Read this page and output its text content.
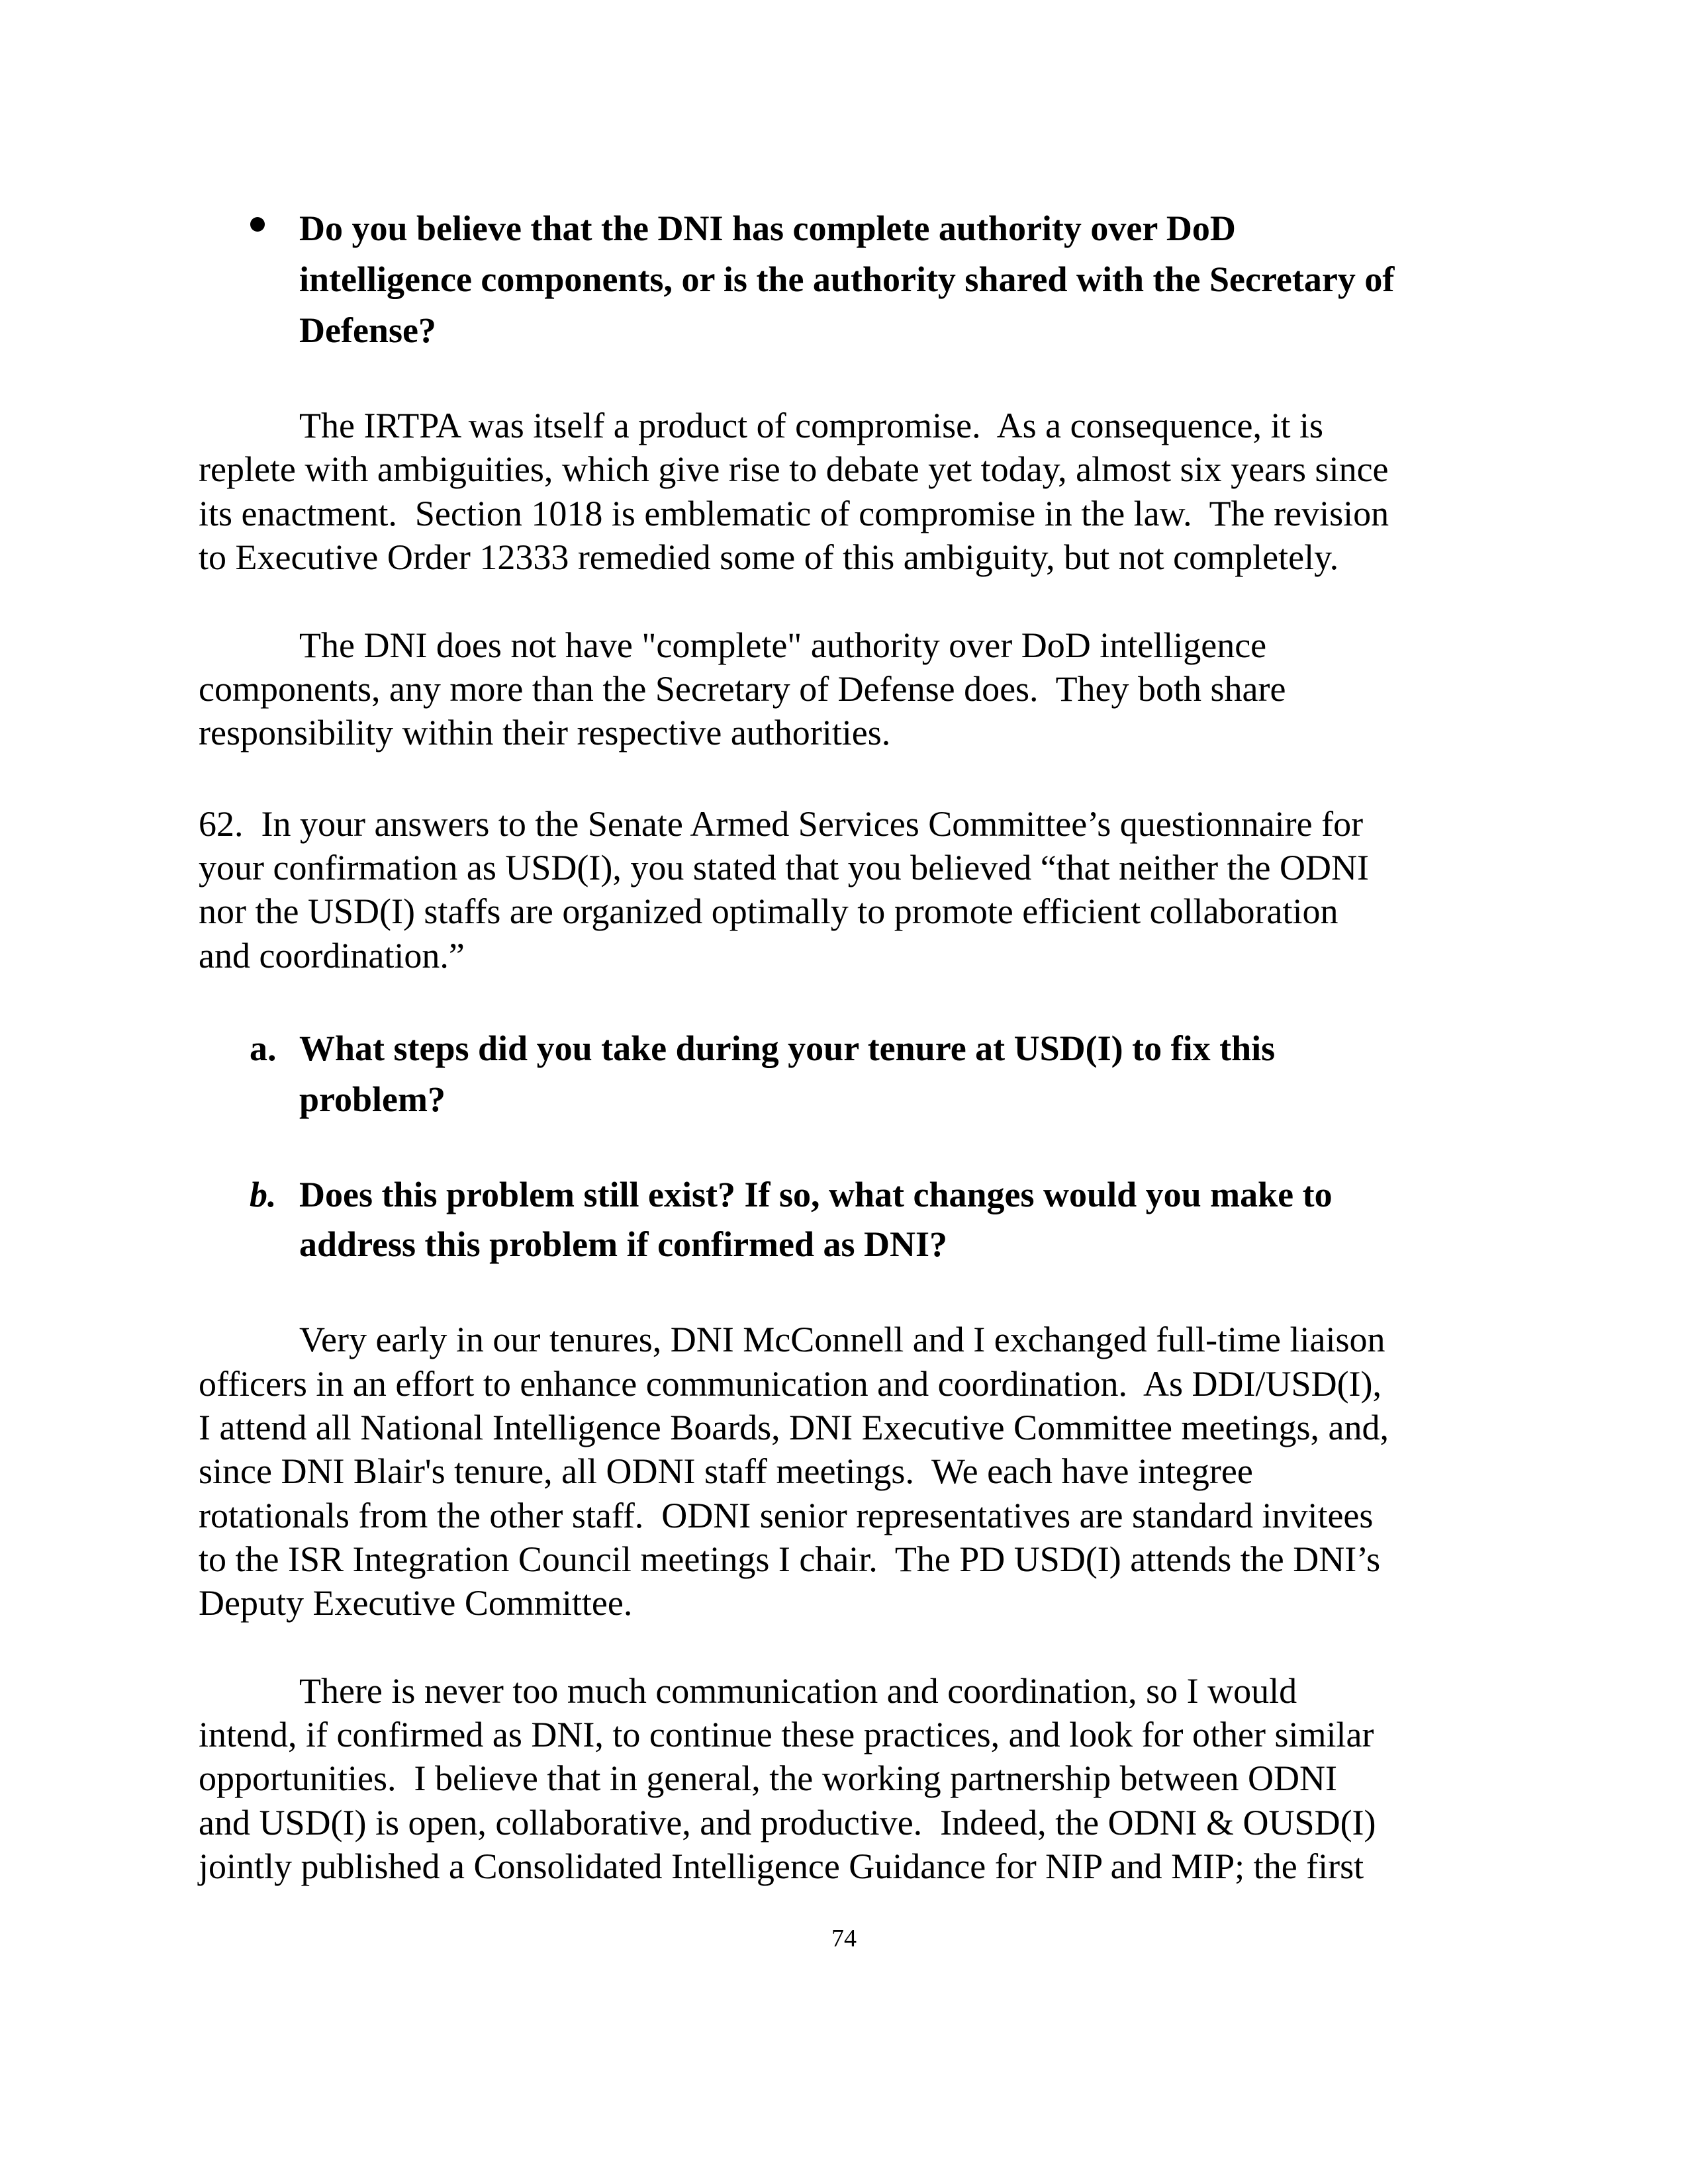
Do you believe that the DNI has complete authority over DoD

intelligence components, or is the authority shared with the Secretary of

Defense?

The IRTPA was itself a product of compromise.  As a consequence, it is

replete with ambiguities, which give rise to debate yet today, almost six years since

its enactment.  Section 1018 is emblematic of compromise in the law.  The revision

to Executive Order 12333 remedied some of this ambiguity, but not completely.

The DNI does not have "complete" authority over DoD intelligence

components, any more than the Secretary of Defense does.  They both share

responsibility within their respective authorities.

62.  In your answers to the Senate Armed Services Committee’s questionnaire for

your confirmation as USD(I), you stated that you believed “that neither the ODNI

nor the USD(I) staffs are organized optimally to promote efficient collaboration

and coordination.”

a. What steps did you take during your tenure at USD(I) to fix this

problem?

b. Does this problem still exist? If so, what changes would you make to

address this problem if confirmed as DNI?

Very early in our tenures, DNI McConnell and I exchanged full-time liaison

officers in an effort to enhance communication and coordination.  As DDI/USD(I),

I attend all National Intelligence Boards, DNI Executive Committee meetings, and,

since DNI Blair's tenure, all ODNI staff meetings.  We each have integree

rotationals from the other staff.  ODNI senior representatives are standard invitees

to the ISR Integration Council meetings I chair.  The PD USD(I) attends the DNI’s

Deputy Executive Committee.

There is never too much communication and coordination, so I would

intend, if confirmed as DNI, to continue these practices, and look for other similar

opportunities.  I believe that in general, the working partnership between ODNI

and USD(I) is open, collaborative, and productive.  Indeed, the ODNI & OUSD(I)

jointly published a Consolidated Intelligence Guidance for NIP and MIP; the first

74
